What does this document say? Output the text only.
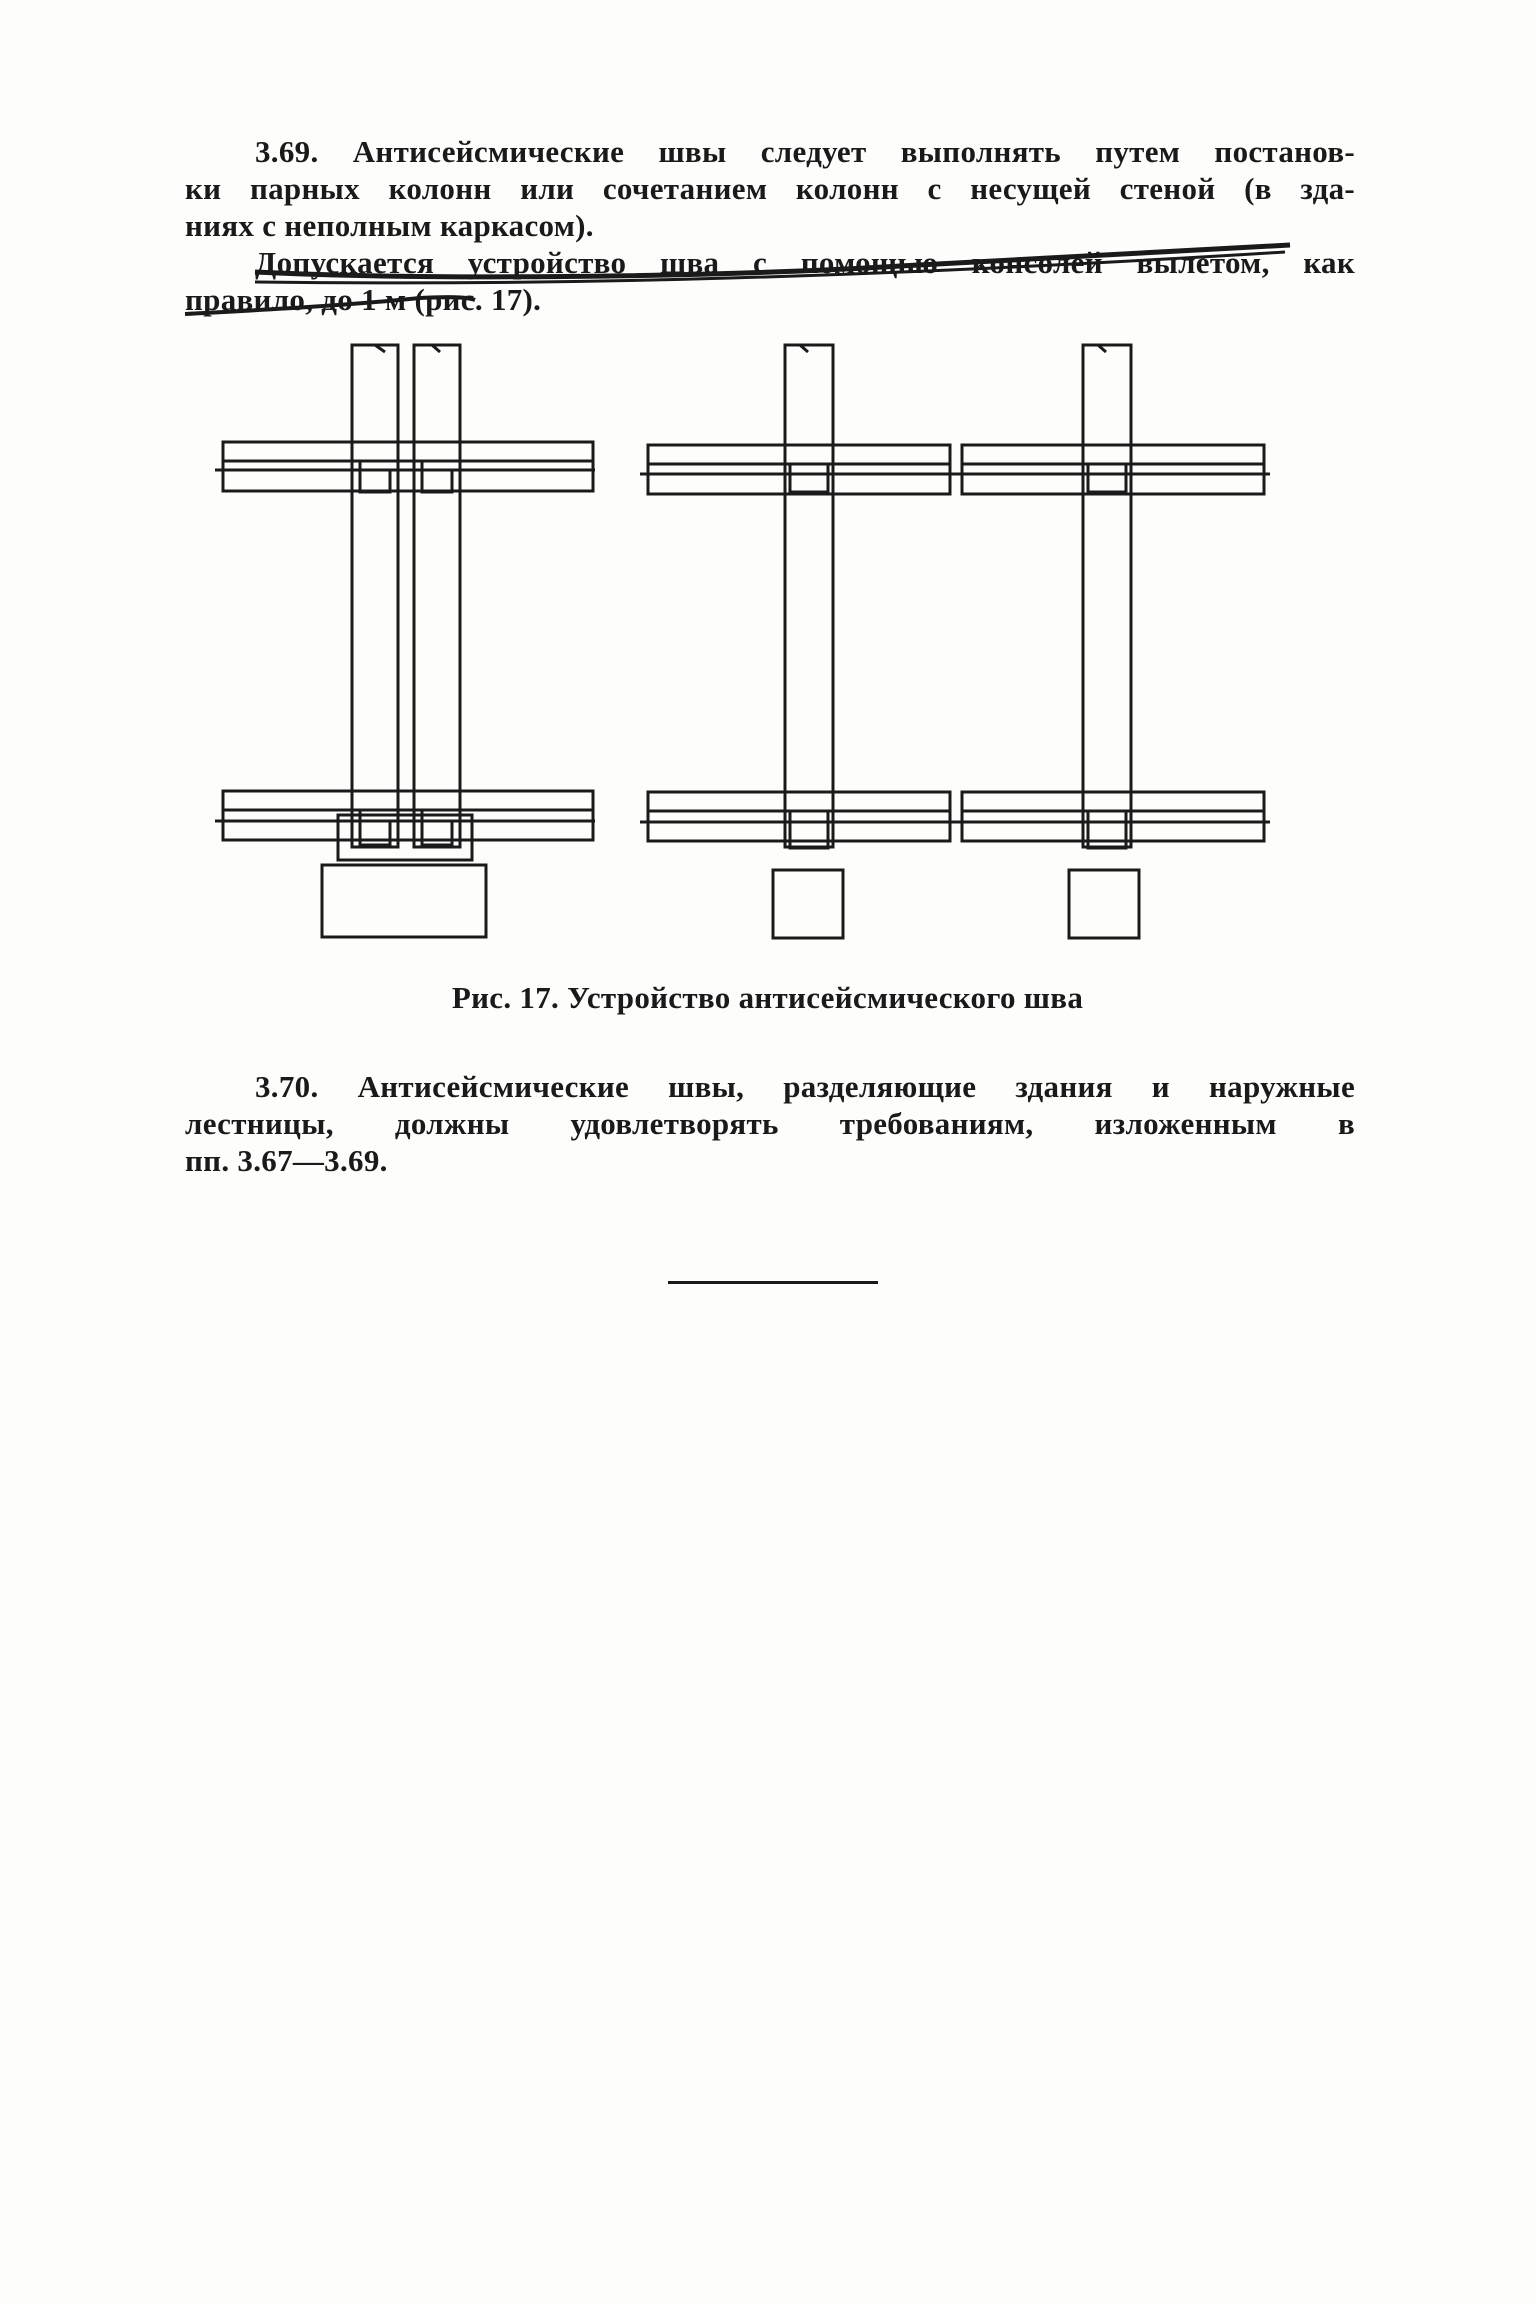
3.69. Антисейсмические швы следует выполнять путем постанов-
ки парных колонн или сочетанием колонн с несущей стеной (в зда-
ниях с неполным каркасом).
Допускается устройство шва с помощью консолей вылетом, как
правило, до 1 м (рис. 17).
Рис. 17. Устройство антисейсмического шва
3.70. Антисейсмические швы, разделяющие здания и наружные
лестницы, должны удовлетворять требованиям, изложенным в
пп. 3.67—3.69.
